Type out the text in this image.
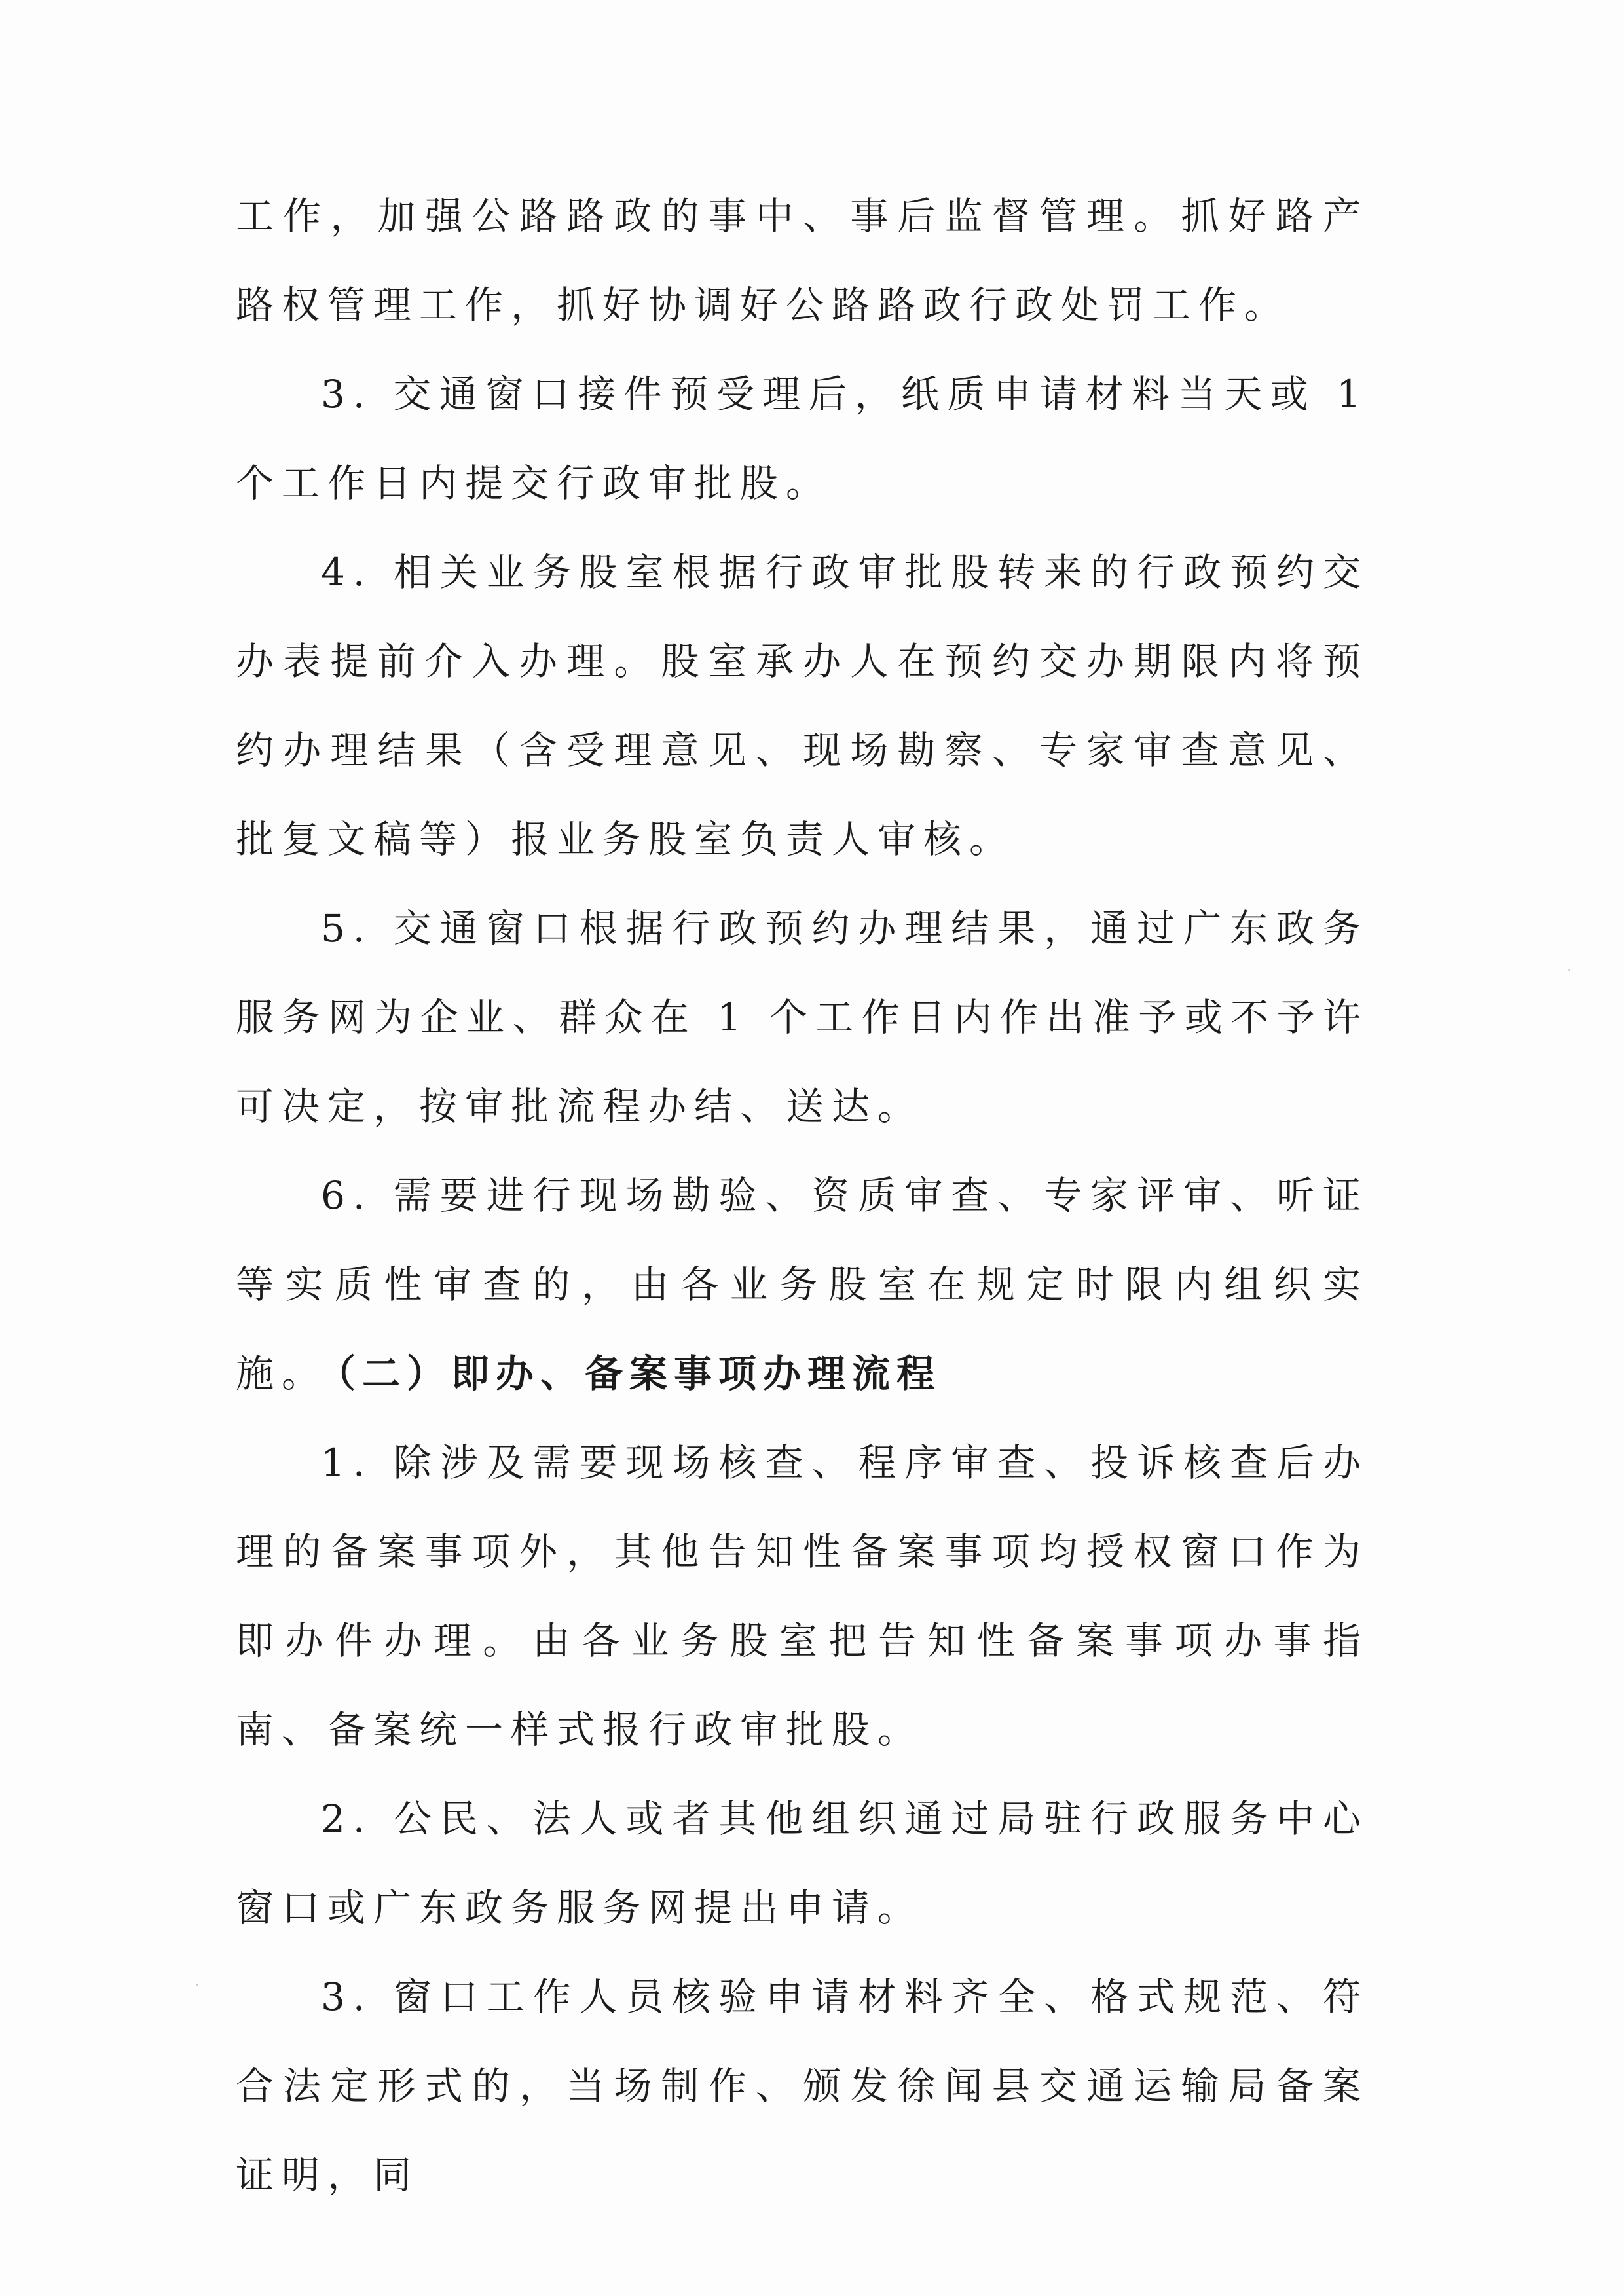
工作，加强公路路政的事中、事后监督管理。抓好路产路权管理工作，抓好协调好公路路政行政处罚工作。

3. 交通窗口接件预受理后，纸质申请材料当天或 1 个工作日内提交行政审批股。

4. 相关业务股室根据行政审批股转来的行政预约交办表提前介入办理。股室承办人在预约交办期限内将预约办理结果（含受理意见、现场勘察、专家审查意见、批复文稿等）报业务股室负责人审核。

5. 交通窗口根据行政预约办理结果，通过广东政务服务网为企业、群众在 1 个工作日内作出准予或不予许可决定，按审批流程办结、送达。

6. 需要进行现场勘验、资质审查、专家评审、听证等实质性审查的，由各业务股室在规定时限内组织实施。

（二）即办、备案事项办理流程

1. 除涉及需要现场核查、程序审查、投诉核查后办理的备案事项外，其他告知性备案事项均授权窗口作为即办件办理。由各业务股室把告知性备案事项办事指南、备案统一样式报行政审批股。

2. 公民、法人或者其他组织通过局驻行政服务中心窗口或广东政务服务网提出申请。

3. 窗口工作人员核验申请材料齐全、格式规范、符合法定形式的，当场制作、颁发徐闻县交通运输局备案证明，同
